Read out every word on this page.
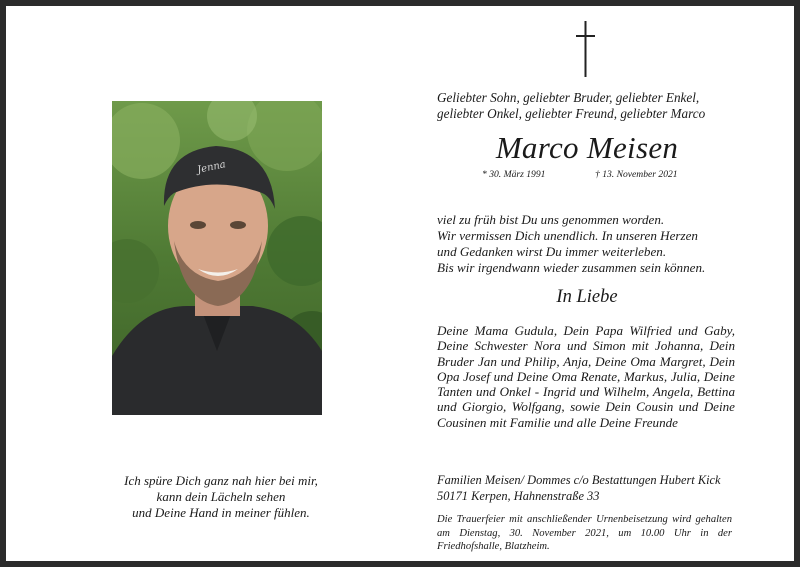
Jenna
Geliebter Sohn, geliebter Bruder, geliebter Enkel,
geliebter Onkel, geliebter Freund, geliebter Marco
Marco Meisen
* 30. März 1991	† 13. November 2021
viel zu früh bist Du uns genommen worden.
Wir vermissen Dich unendlich. In unseren Herzen
und Gedanken wirst Du immer weiterleben.
Bis wir irgendwann wieder zusammen sein können.
In Liebe
Deine Mama Gudula, Dein Papa Wilfried und Gaby, Deine Schwester Nora und Simon mit Johanna, Dein Bruder Jan und Philip, Anja, Deine Oma Margret, Dein Opa Josef und Deine Oma Renate, Markus, Julia, Deine Tanten und Onkel - Ingrid und Wilhelm, Angela, Bettina und Giorgio, Wolfgang, sowie Dein Cousin und Deine Cousinen mit Familie und alle Deine Freunde
Ich spüre Dich ganz nah hier bei mir,
kann dein Lächeln sehen
und Deine Hand in meiner fühlen.
Familien Meisen/ Dommes c/o Bestattungen Hubert Kick
50171 Kerpen, Hahnenstraße 33
Die Trauerfeier mit anschließender Urnenbeisetzung wird gehalten am Dienstag, 30. November 2021, um 10.00 Uhr in der Friedhofshalle, Blatzheim.
